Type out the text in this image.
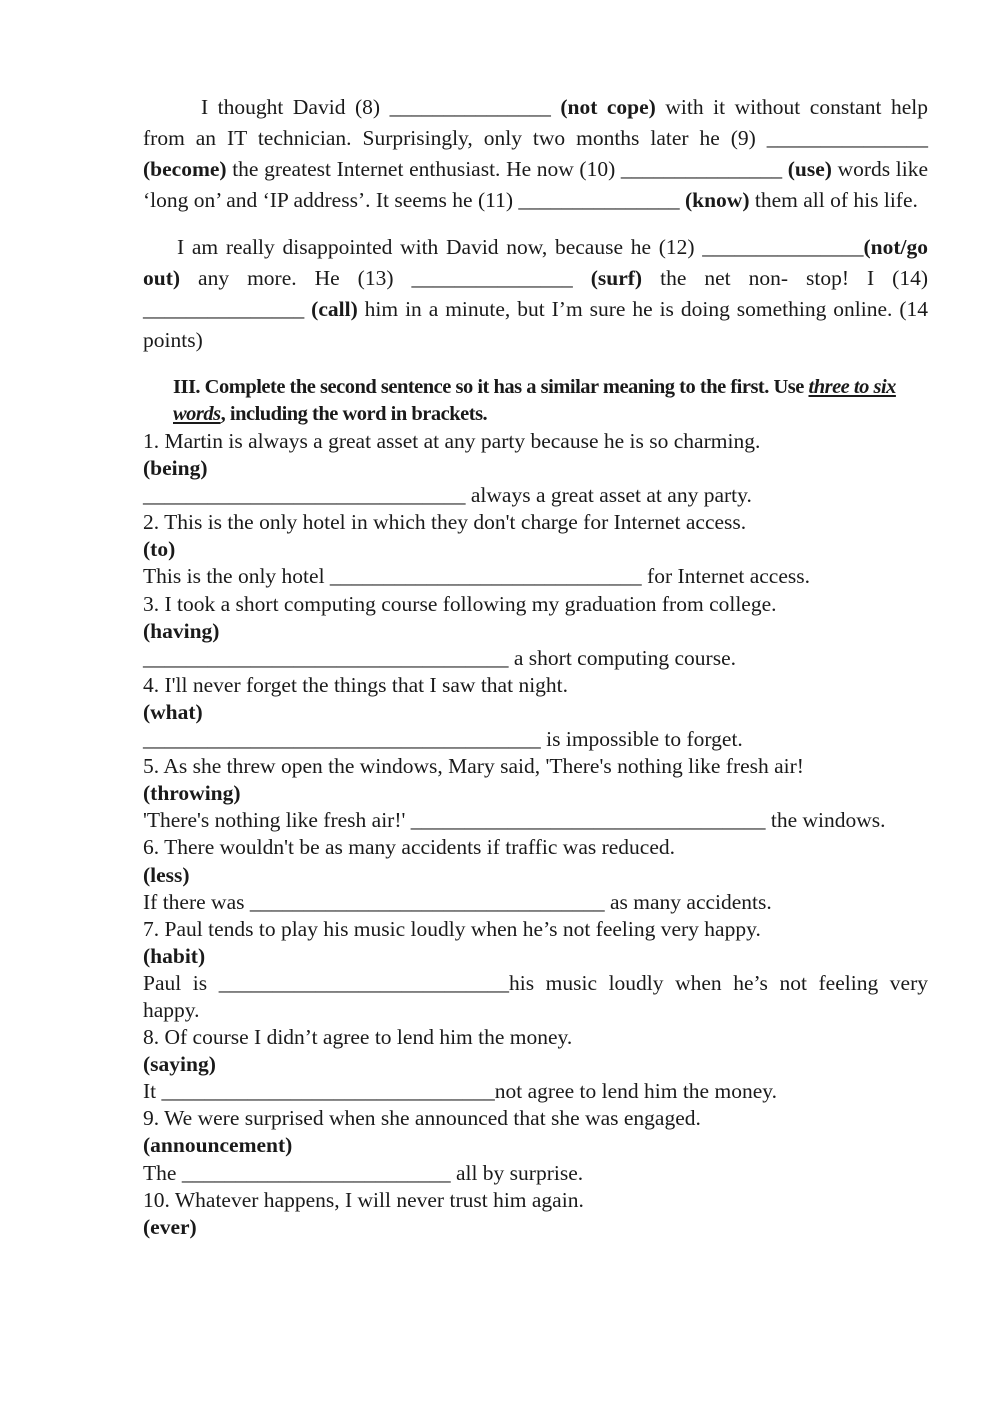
I thought David (8) _______________ (not cope) with it without constant help from an IT technician. Surprisingly, only two months later he (9) _______________ (become) the greatest Internet enthusiast. He now (10) _______________ (use) words like ‘long on’ and ‘IP address’. It seems he (11) _______________ (know) them all of his life.

I am really disappointed with David now, because he (12) _______________(not/go out) any more. He (13) _______________ (surf) the net non- stop! I (14) _______________ (call) him in a minute, but I’m sure he is doing something online. (14 points)

III. Complete the second sentence so it has a similar meaning to the first. Use three to six words, including the word in brackets.
1. Martin is always a great asset at any party because he is so charming.
(being)
______________________________ always a great asset at any party.
2. This is the only hotel in which they don't charge for Internet access.
(to)
This is the only hotel _____________________________ for Internet access.
3. I took a short computing course following my graduation from college.
(having)
__________________________________ a short computing course.
4. I'll never forget the things that I saw that night.
(what)
_____________________________________ is impossible to forget.
5. As she threw open the windows, Mary said, 'There's nothing like fresh air!
(throwing)
'There's nothing like fresh air!' _________________________________ the windows.
6. There wouldn't be as many accidents if traffic was reduced.
(less)
If there was _________________________________ as many accidents.
7. Paul tends to play his music loudly when he’s not feeling very happy.
(habit)
Paul is ___________________________his music loudly when he’s not feeling very happy.
8. Of course I didn’t agree to lend him the money.
(saying)
It _______________________________not agree to lend him the money.
9. We were surprised when she announced that she was engaged.
(announcement)
The _________________________ all by surprise.
10. Whatever happens, I will never trust him again.
(ever)
